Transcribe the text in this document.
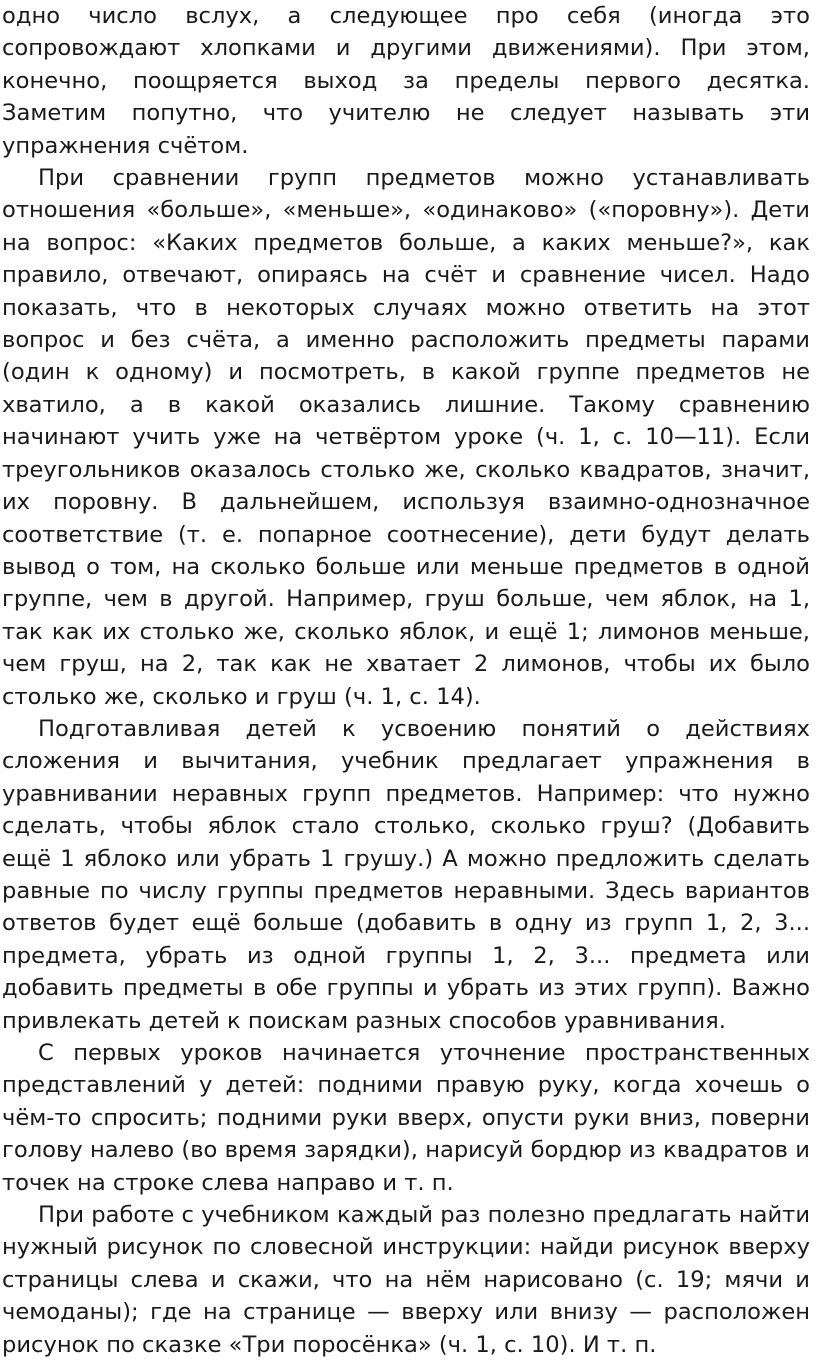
одно число вслух, а следующее про себя (иногда это сопровождают хлопками и другими движениями). При этом, конечно, поощряется выход за пределы первого десятка. Заметим попутно, что учителю не следует называть эти упражнения счётом.

При сравнении групп предметов можно устанавливать отношения «больше», «меньше», «одинаково» («поровну»). Дети на вопрос: «Каких предметов больше, а каких меньше?», как правило, отвечают, опираясь на счёт и сравнение чисел. Надо показать, что в некоторых случаях можно ответить на этот вопрос и без счёта, а именно расположить предметы парами (один к одному) и посмотреть, в какой группе предметов не хватило, а в какой оказались лишние. Такому сравнению начинают учить уже на четвёртом уроке (ч. 1, с. 10—11). Если треугольников оказалось столько же, сколько квадратов, значит, их поровну. В дальнейшем, используя взаимно-однозначное соответствие (т. е. попарное соотнесение), дети будут делать вывод о том, на сколько больше или меньше предметов в одной группе, чем в другой. Например, груш больше, чем яблок, на 1, так как их столько же, сколько яблок, и ещё 1; лимонов меньше, чем груш, на 2, так как не хватает 2 лимонов, чтобы их было столько же, сколько и груш (ч. 1, с. 14).

Подготавливая детей к усвоению понятий о действиях сложения и вычитания, учебник предлагает упражнения в уравнивании неравных групп предметов. Например: что нужно сделать, чтобы яблок стало столько, сколько груш? (Добавить ещё 1 яблоко или убрать 1 грушу.) А можно предложить сделать равные по числу группы предметов неравными. Здесь вариантов ответов будет ещё больше (добавить в одну из групп 1, 2, 3... предмета, убрать из одной группы 1, 2, 3... предмета или добавить предметы в обе группы и убрать из этих групп). Важно привлекать детей к поискам разных способов уравнивания.

С первых уроков начинается уточнение пространственных представлений у детей: подними правую руку, когда хочешь о чём-то спросить; подними руки вверх, опусти руки вниз, поверни голову налево (во время зарядки), нарисуй бордюр из квадратов и точек на строке слева направо и т. п.

При работе с учебником каждый раз полезно предлагать найти нужный рисунок по словесной инструкции: найди рисунок вверху страницы слева и скажи, что на нём нарисовано (с. 19; мячи и чемоданы); где на странице — вверху или внизу — расположен рисунок по сказке «Три поросёнка» (ч. 1, с. 10). И т. п.
